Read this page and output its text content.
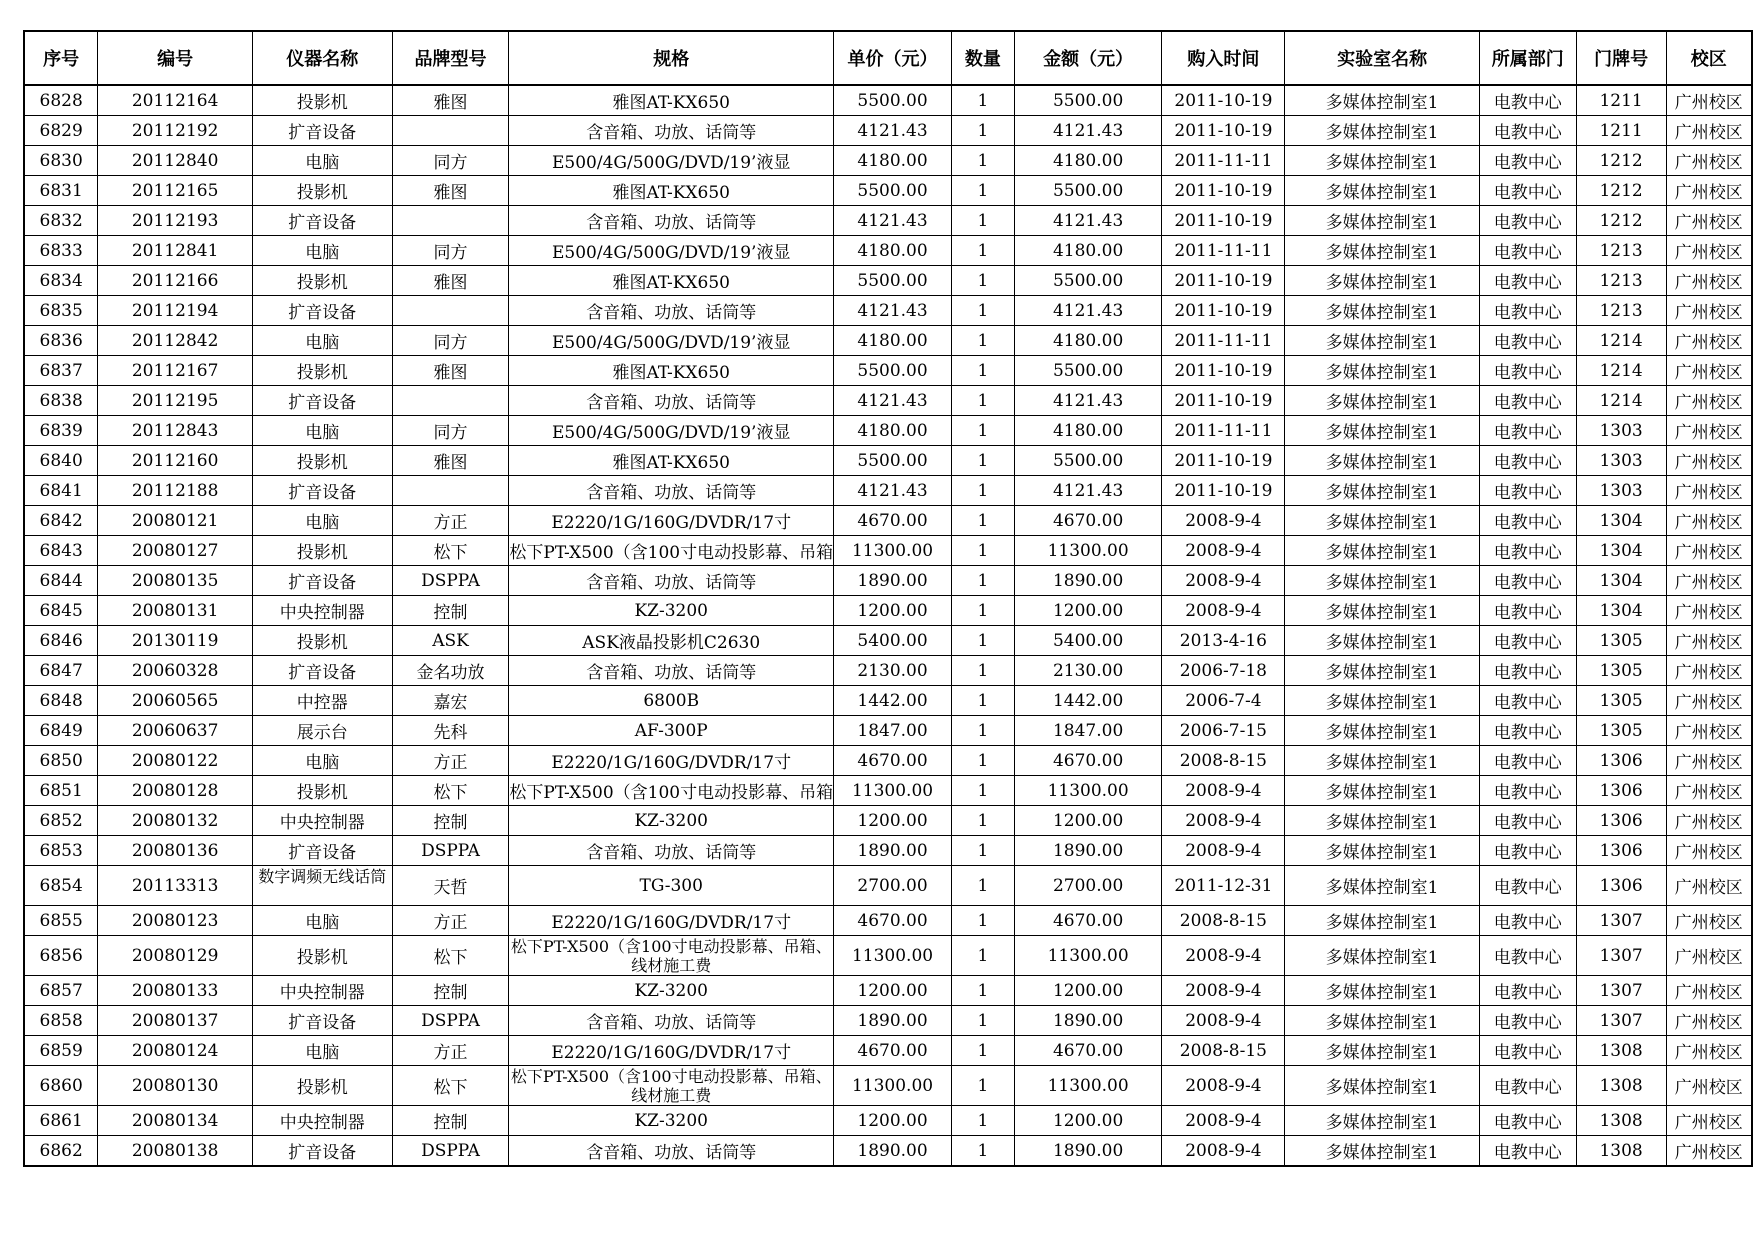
序号	编号	仪器名称	品牌型号	规格	单价（元）	数量	金额（元）	购入时间	实验室名称	所属部门	门牌号	校区
6828	20112164	投影机	雅图	雅图AT-KX650	5500.00	1	5500.00	2011-10-19	多媒体控制室1	电教中心	1211	广州校区
6829	20112192	扩音设备		含音箱、功放、话筒等	4121.43	1	4121.43	2011-10-19	多媒体控制室1	电教中心	1211	广州校区
6830	20112840	电脑	同方	E500/4G/500G/DVD/19’液显	4180.00	1	4180.00	2011-11-11	多媒体控制室1	电教中心	1212	广州校区
6831	20112165	投影机	雅图	雅图AT-KX650	5500.00	1	5500.00	2011-10-19	多媒体控制室1	电教中心	1212	广州校区
6832	20112193	扩音设备		含音箱、功放、话筒等	4121.43	1	4121.43	2011-10-19	多媒体控制室1	电教中心	1212	广州校区
6833	20112841	电脑	同方	E500/4G/500G/DVD/19’液显	4180.00	1	4180.00	2011-11-11	多媒体控制室1	电教中心	1213	广州校区
6834	20112166	投影机	雅图	雅图AT-KX650	5500.00	1	5500.00	2011-10-19	多媒体控制室1	电教中心	1213	广州校区
6835	20112194	扩音设备		含音箱、功放、话筒等	4121.43	1	4121.43	2011-10-19	多媒体控制室1	电教中心	1213	广州校区
6836	20112842	电脑	同方	E500/4G/500G/DVD/19’液显	4180.00	1	4180.00	2011-11-11	多媒体控制室1	电教中心	1214	广州校区
6837	20112167	投影机	雅图	雅图AT-KX650	5500.00	1	5500.00	2011-10-19	多媒体控制室1	电教中心	1214	广州校区
6838	20112195	扩音设备		含音箱、功放、话筒等	4121.43	1	4121.43	2011-10-19	多媒体控制室1	电教中心	1214	广州校区
6839	20112843	电脑	同方	E500/4G/500G/DVD/19’液显	4180.00	1	4180.00	2011-11-11	多媒体控制室1	电教中心	1303	广州校区
6840	20112160	投影机	雅图	雅图AT-KX650	5500.00	1	5500.00	2011-10-19	多媒体控制室1	电教中心	1303	广州校区
6841	20112188	扩音设备		含音箱、功放、话筒等	4121.43	1	4121.43	2011-10-19	多媒体控制室1	电教中心	1303	广州校区
6842	20080121	电脑	方正	E2220/1G/160G/DVDR/17寸	4670.00	1	4670.00	2008-9-4	多媒体控制室1	电教中心	1304	广州校区
6843	20080127	投影机	松下	松下PT-X500（含100寸电动投影幕、吊箱	11300.00	1	11300.00	2008-9-4	多媒体控制室1	电教中心	1304	广州校区
6844	20080135	扩音设备	DSPPA	含音箱、功放、话筒等	1890.00	1	1890.00	2008-9-4	多媒体控制室1	电教中心	1304	广州校区
6845	20080131	中央控制器	控制	KZ-3200	1200.00	1	1200.00	2008-9-4	多媒体控制室1	电教中心	1304	广州校区
6846	20130119	投影机	ASK	ASK液晶投影机C2630	5400.00	1	5400.00	2013-4-16	多媒体控制室1	电教中心	1305	广州校区
6847	20060328	扩音设备	金名功放	含音箱、功放、话筒等	2130.00	1	2130.00	2006-7-18	多媒体控制室1	电教中心	1305	广州校区
6848	20060565	中控器	嘉宏	6800B	1442.00	1	1442.00	2006-7-4	多媒体控制室1	电教中心	1305	广州校区
6849	20060637	展示台	先科	AF-300P	1847.00	1	1847.00	2006-7-15	多媒体控制室1	电教中心	1305	广州校区
6850	20080122	电脑	方正	E2220/1G/160G/DVDR/17寸	4670.00	1	4670.00	2008-8-15	多媒体控制室1	电教中心	1306	广州校区
6851	20080128	投影机	松下	松下PT-X500（含100寸电动投影幕、吊箱	11300.00	1	11300.00	2008-9-4	多媒体控制室1	电教中心	1306	广州校区
6852	20080132	中央控制器	控制	KZ-3200	1200.00	1	1200.00	2008-9-4	多媒体控制室1	电教中心	1306	广州校区
6853	20080136	扩音设备	DSPPA	含音箱、功放、话筒等	1890.00	1	1890.00	2008-9-4	多媒体控制室1	电教中心	1306	广州校区
6854	20113313	数字调频无线话筒	天哲	TG-300	2700.00	1	2700.00	2011-12-31	多媒体控制室1	电教中心	1306	广州校区
6855	20080123	电脑	方正	E2220/1G/160G/DVDR/17寸	4670.00	1	4670.00	2008-8-15	多媒体控制室1	电教中心	1307	广州校区
6856	20080129	投影机	松下	松下PT-X500（含100寸电动投影幕、吊箱、线材施工费	11300.00	1	11300.00	2008-9-4	多媒体控制室1	电教中心	1307	广州校区
6857	20080133	中央控制器	控制	KZ-3200	1200.00	1	1200.00	2008-9-4	多媒体控制室1	电教中心	1307	广州校区
6858	20080137	扩音设备	DSPPA	含音箱、功放、话筒等	1890.00	1	1890.00	2008-9-4	多媒体控制室1	电教中心	1307	广州校区
6859	20080124	电脑	方正	E2220/1G/160G/DVDR/17寸	4670.00	1	4670.00	2008-8-15	多媒体控制室1	电教中心	1308	广州校区
6860	20080130	投影机	松下	松下PT-X500（含100寸电动投影幕、吊箱、线材施工费	11300.00	1	11300.00	2008-9-4	多媒体控制室1	电教中心	1308	广州校区
6861	20080134	中央控制器	控制	KZ-3200	1200.00	1	1200.00	2008-9-4	多媒体控制室1	电教中心	1308	广州校区
6862	20080138	扩音设备	DSPPA	含音箱、功放、话筒等	1890.00	1	1890.00	2008-9-4	多媒体控制室1	电教中心	1308	广州校区
